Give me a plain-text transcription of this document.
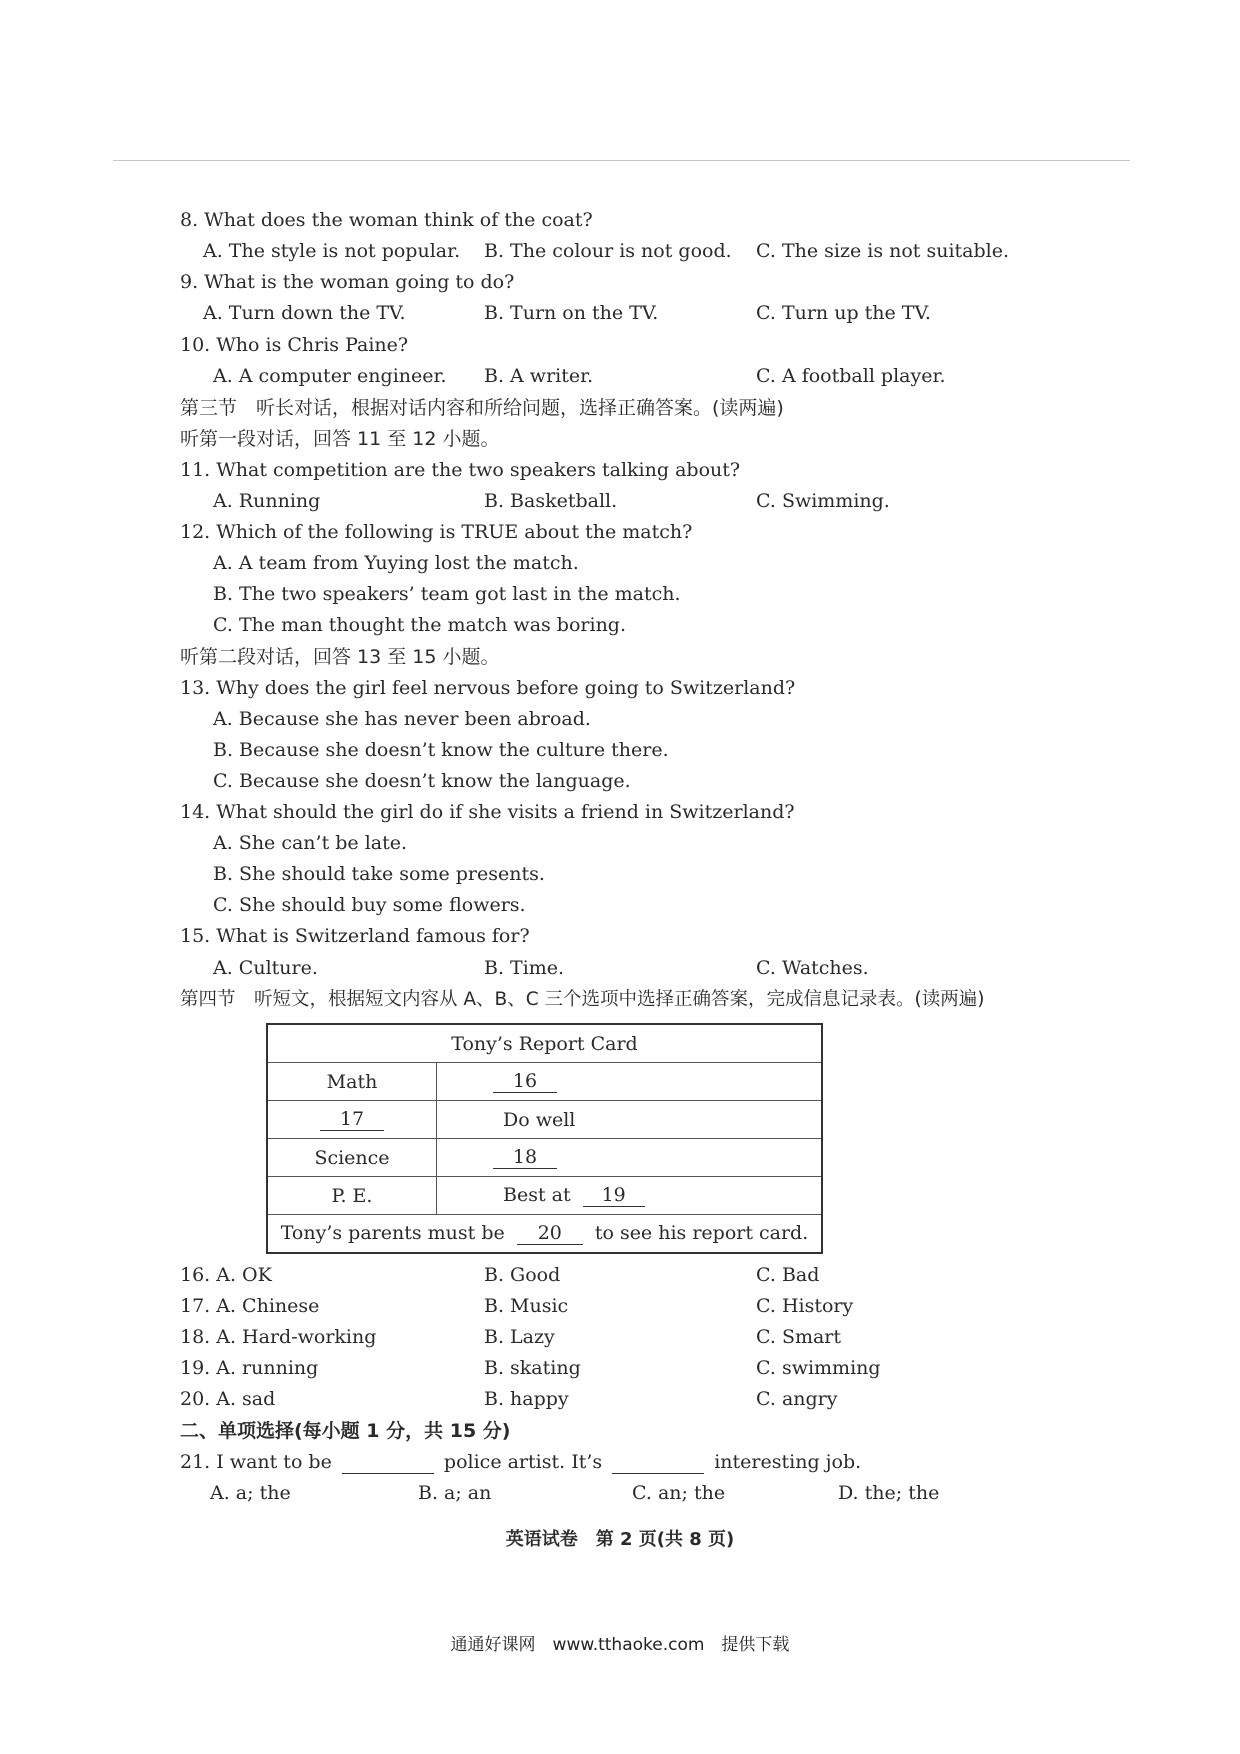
8. What does the woman think of the coat?
A. The style is not popular. B. The colour is not good. C. The size is not suitable.
9. What is the woman going to do?
A. Turn down the TV.	B. Turn on the TV.	C. Turn up the TV.
10. Who is Chris Paine?
A. A computer engineer. B. A writer.	C. A football player.
第三节　听长对话，根据对话内容和所给问题，选择正确答案。(读两遍)
听第一段对话，回答 11 至 12 小题。
11. What competition are the two speakers talking about?
A. Running	B. Basketball.	C. Swimming.
12. Which of the following is TRUE about the match?
A. A team from Yuying lost the match.
B. The two speakers’ team got last in the match.
C. The man thought the match was boring.
听第二段对话，回答 13 至 15 小题。
13. Why does the girl feel nervous before going to Switzerland?
A. Because she has never been abroad.
B. Because she doesn’t know the culture there.
C. Because she doesn’t know the language.
14. What should the girl do if she visits a friend in Switzerland?
A. She can’t be late.
B. She should take some presents.
C. She should buy some flowers.
15. What is Switzerland famous for?
A. Culture.	B. Time.	C. Watches.
第四节　听短文，根据短文内容从 A、B、C 三个选项中选择正确答案，完成信息记录表。(读两遍)
Tony’s Report Card	
Math	16
17	Do well
Science	18
P. E.	Best at 19
Tony’s parents must be 20 to see his report card.	
16. A. OK	B. Good	C. Bad
17. A. Chinese	B. Music	C. History
18. A. Hard-working	B. Lazy	C. Smart
19. A. running	B. skating	C. swimming
20. A. sad	B. happy	C. angry
二、单项选择(每小题 1 分，共 15 分)
21. I want to be	police artist. It’s	interesting job.
A. a; the	B. a; an	C. an; the	D. the; the
英语试卷　第 2 页(共 8 页)
通通好课网　www.tthaoke.com　提供下载
